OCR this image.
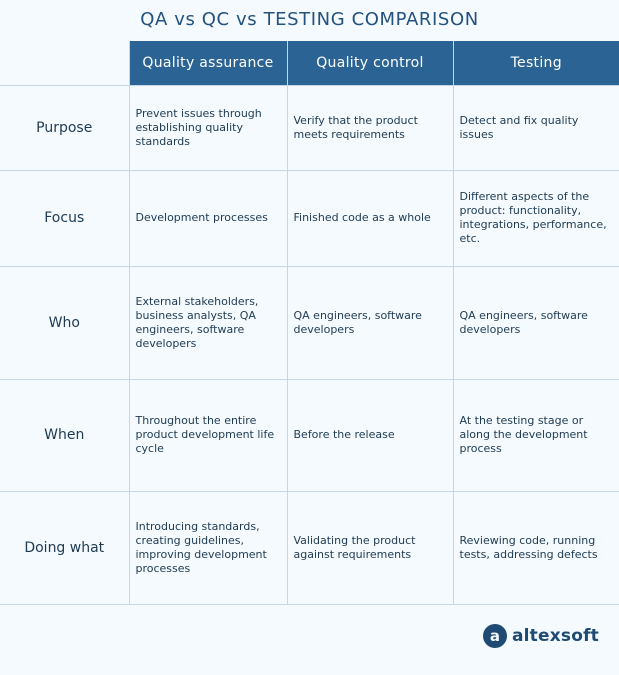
QA vs QC vs TESTING COMPARISON
	Quality assurance	Quality control	Testing
Purpose	Prevent issues through establishing quality standards	Verify that the product meets requirements	Detect and fix quality issues
Focus	Development processes	Finished code as a whole	Different aspects of the product: functionality, integrations, performance, etc.
Who	External stakeholders, business analysts, QA engineers, software developers	QA engineers, software developers	QA engineers, software developers
When	Throughout the entire product development life cycle	Before the release	At the testing stage or along the development process
Doing what	Introducing standards, creating guidelines, improving development processes	Validating the product against requirements	Reviewing code, running tests, addressing defects
a altexsoft
